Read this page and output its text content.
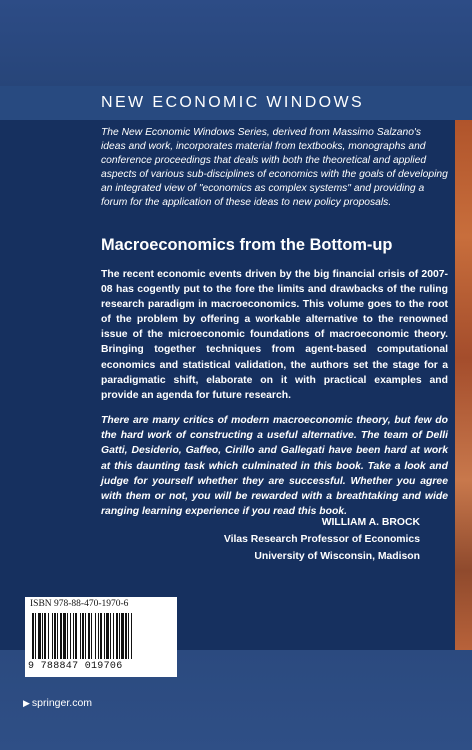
NEW ECONOMIC WINDOWS

The New Economic Windows Series, derived from Massimo Salzano's ideas and work, incorporates material from textbooks, monographs and conference proceedings that deals with both the theoretical and applied aspects of various sub-disciplines of economics with the goals of developing an integrated view of "economics as complex systems" and providing a forum for the application of these ideas to new policy proposals.

Macroeconomics from the Bottom-up

The recent economic events driven by the big financial crisis of 2007-08 has cogently put to the fore the limits and drawbacks of the ruling research paradigm in macroeconomics. This volume goes to the root of the problem by offering a workable alternative to the renowned issue of the microeconomic foundations of macroeconomic theory. Bringing together techniques from agent-based computational economics and statistical validation, the authors set the stage for a paradigmatic shift, elaborate on it with practical examples and provide an agenda for future research.

There are many critics of modern macroeconomic theory, but few do the hard work of constructing a useful alternative. The team of Delli Gatti, Desiderio, Gaffeo, Cirillo and Gallegati have been hard at work at this daunting task which culminated in this book. Take a look and judge for yourself whether they are successful. Whether you agree with them or not, you will be rewarded with a breathtaking and wide ranging learning experience if you read this book.

WILLIAM A. BROCK

Vilas Research Professor of Economics

University of Wisconsin, Madison

ISBN 978-88-470-1970-6
9 788847 019706
▶ springer.com
